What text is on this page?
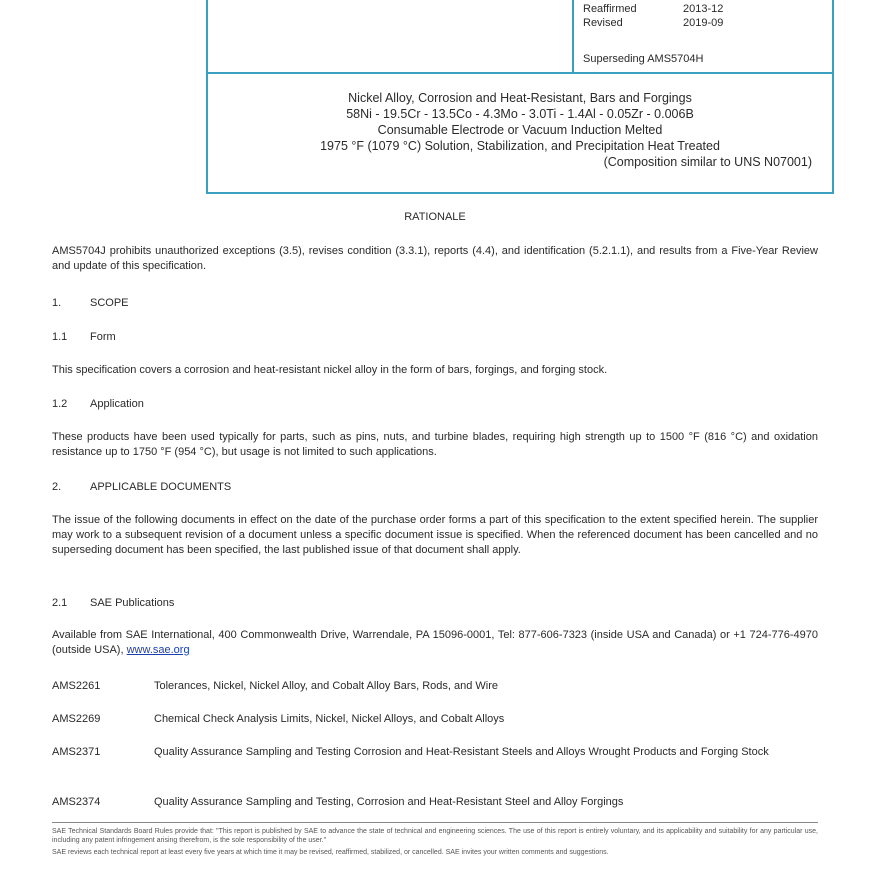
Reaffirmed	2013-12
Revised	2019-09
Superseding AMS5704H
Nickel Alloy, Corrosion and Heat-Resistant, Bars and Forgings
58Ni - 19.5Cr - 13.5Co - 4.3Mo - 3.0Ti - 1.4Al - 0.05Zr - 0.006B
Consumable Electrode or Vacuum Induction Melted
1975 °F (1079 °C) Solution, Stabilization, and Precipitation Heat Treated
(Composition similar to UNS N07001)

RATIONALE

AMS5704J prohibits unauthorized exceptions (3.5), revises condition (3.3.1), reports (4.4), and identification (5.2.1.1), and results from a Five-Year Review and update of this specification.

1.	SCOPE
1.1	Form

This specification covers a corrosion and heat-resistant nickel alloy in the form of bars, forgings, and forging stock.

1.2	Application

These products have been used typically for parts, such as pins, nuts, and turbine blades, requiring high strength up to 1500 °F (816 °C) and oxidation resistance up to 1750 °F (954 °C), but usage is not limited to such applications.

2.	APPLICABLE DOCUMENTS

The issue of the following documents in effect on the date of the purchase order forms a part of this specification to the extent specified herein. The supplier may work to a subsequent revision of a document unless a specific document issue is specified. When the referenced document has been cancelled and no superseding document has been specified, the last published issue of that document shall apply.

2.1	SAE Publications

Available from SAE International, 400 Commonwealth Drive, Warrendale, PA 15096-0001, Tel: 877-606-7323 (inside USA and Canada) or +1 724-776-4970 (outside USA), www.sae.org

AMS2261	Tolerances, Nickel, Nickel Alloy, and Cobalt Alloy Bars, Rods, and Wire
AMS2269	Chemical Check Analysis Limits, Nickel, Nickel Alloys, and Cobalt Alloys
AMS2371	Quality Assurance Sampling and Testing Corrosion and Heat-Resistant Steels and Alloys Wrought Products and Forging Stock
AMS2374	Quality Assurance Sampling and Testing, Corrosion and Heat-Resistant Steel and Alloy Forgings

SAE Technical Standards Board Rules provide that: "This report is published by SAE to advance the state of technical and engineering sciences. The use of this report is entirely voluntary, and its applicability and suitability for any particular use, including any patent infringement arising therefrom, is the sole responsibility of the user."

SAE reviews each technical report at least every five years at which time it may be revised, reaffirmed, stabilized, or cancelled. SAE invites your written comments and suggestions.
